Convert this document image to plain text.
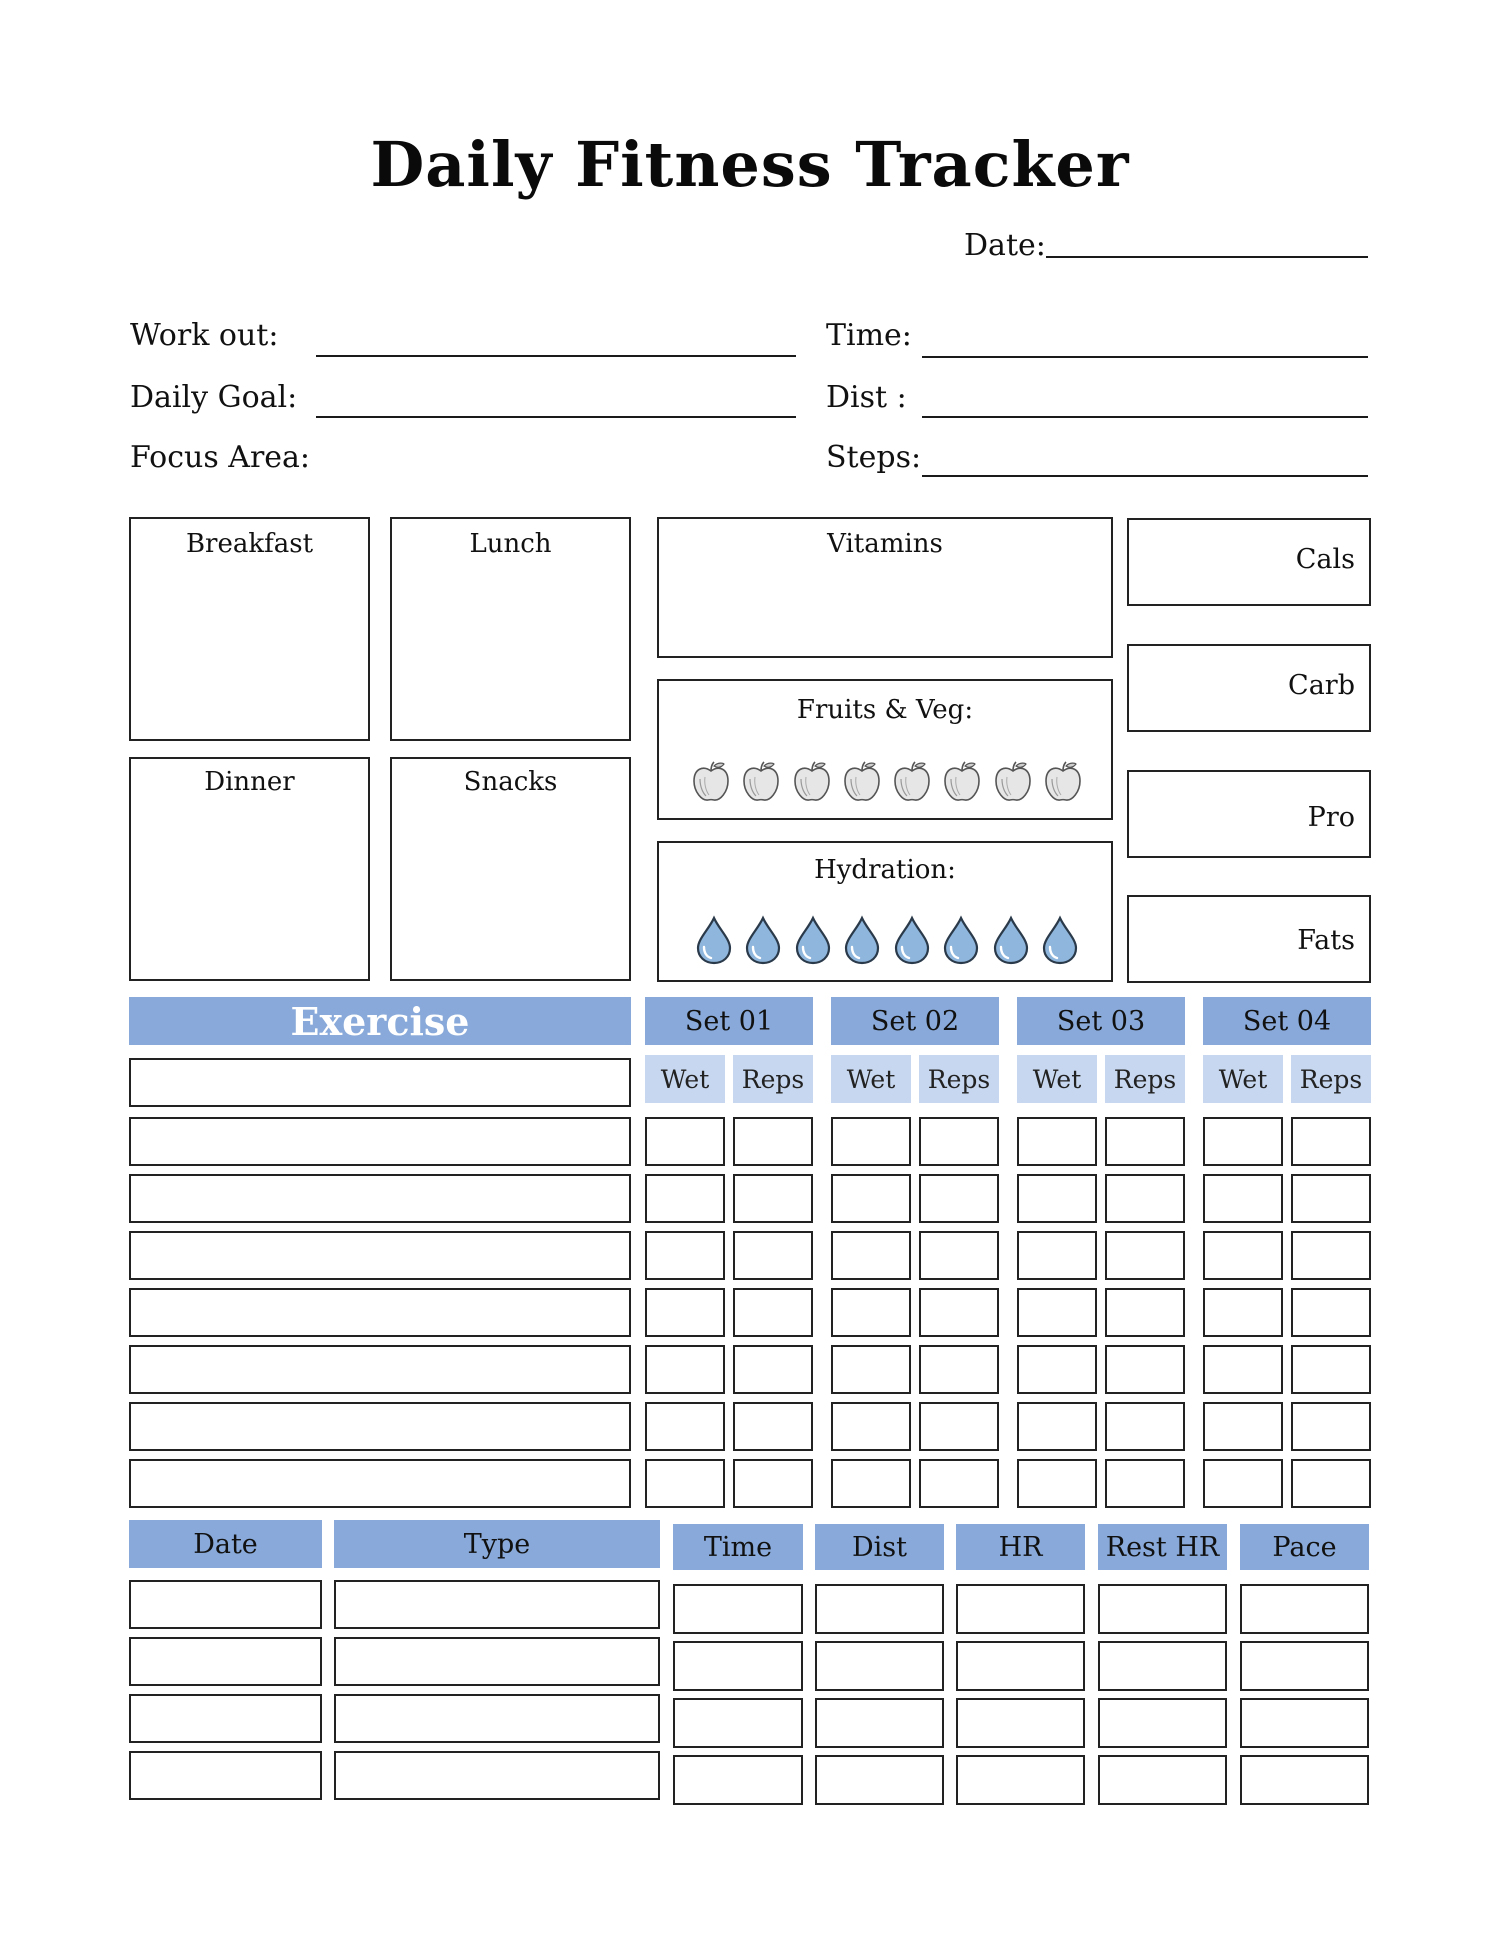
Daily Fitness Tracker
Date:
Work out:
Daily Goal:
Focus Area:
Time:
Dist :
Steps:
Breakfast	Lunch
Dinner	Snacks
Vitamins
Fruits & Veg:
Hydration:
Cals
Carb
Pro
Fats
Exercise	Set 01	Set 02	Set 03	Set 04
Wet	Reps	Wet	Reps	Wet	Reps	Wet	Reps
Date	Type	Time	Dist	HR	Rest HR	Pace
